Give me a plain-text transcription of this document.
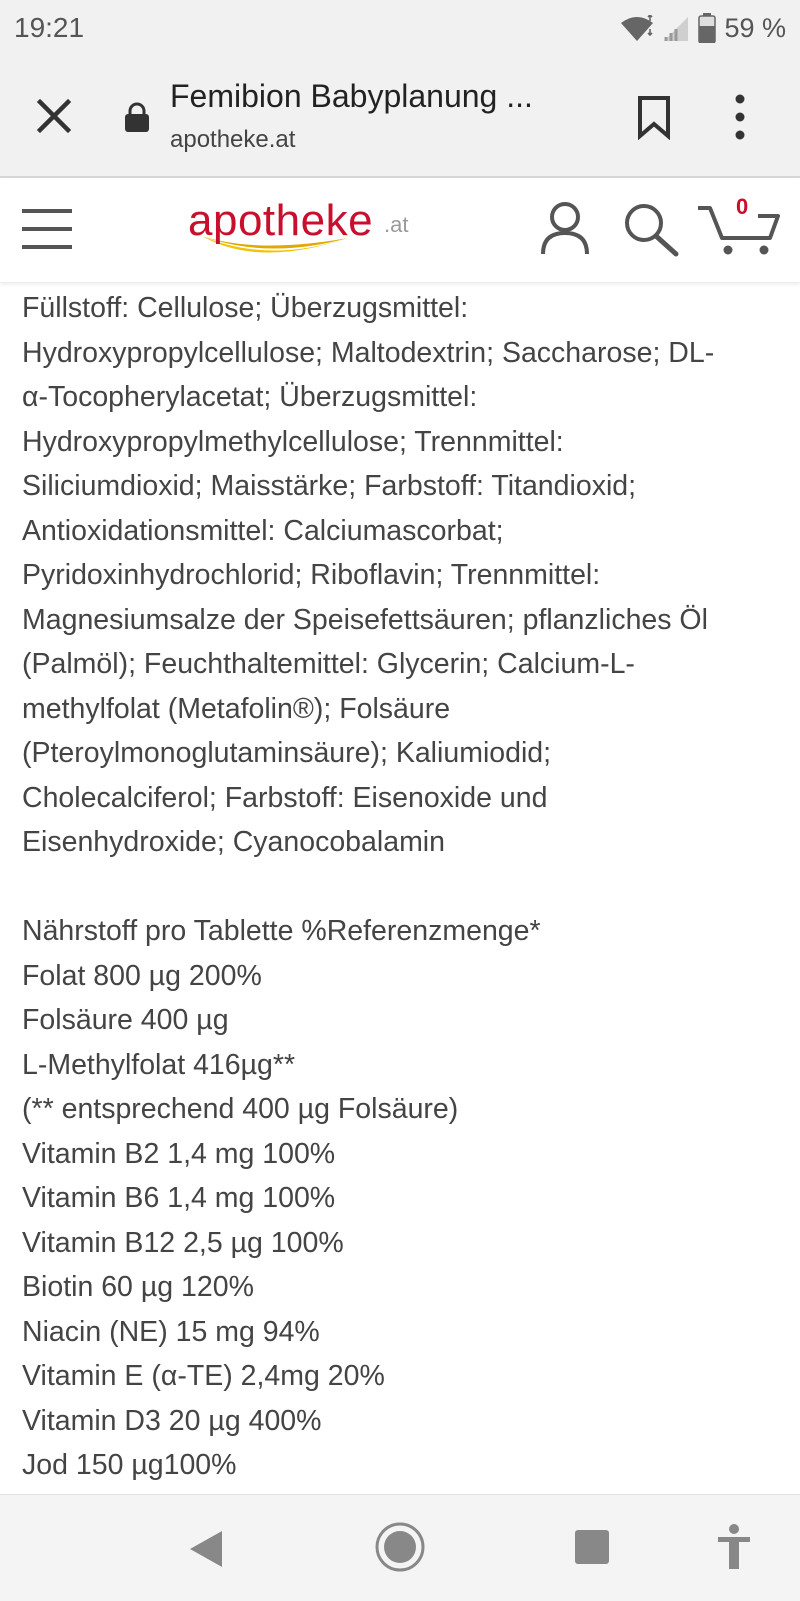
19:21	59 %
Femibion Babyplanung ...
apotheke.at
apotheke .at
0

Füllstoff: Cellulose; Überzugsmittel:

Hydroxypropylcellulose; Maltodextrin; Saccharose; DL-

α-Tocopherylacetat; Überzugsmittel:

Hydroxypropylmethylcellulose; Trennmittel:

Siliciumdioxid; Maisstärke; Farbstoff: Titandioxid;

Antioxidationsmittel: Calciumascorbat;

Pyridoxinhydrochlorid; Riboflavin; Trennmittel:

Magnesiumsalze der Speisefettsäuren; pflanzliches Öl

(Palmöl); Feuchthaltemittel: Glycerin; Calcium-L-

methylfolat (Metafolin®); Folsäure

(Pteroylmonoglutaminsäure); Kaliumiodid;

Cholecalciferol; Farbstoff: Eisenoxide und

Eisenhydroxide; Cyanocobalamin

Nährstoff pro Tablette %Referenzmenge*

Folat 800 µg 200%

Folsäure 400 µg

L-Methylfolat 416µg**

(** entsprechend 400 µg Folsäure)

Vitamin B2 1,4 mg 100%

Vitamin B6 1,4 mg 100%

Vitamin B12 2,5 µg 100%

Biotin 60 µg 120%

Niacin (NE) 15 mg 94%

Vitamin E (α-TE) 2,4mg 20%

Vitamin D3 20 µg 400%

Jod 150 µg100%
